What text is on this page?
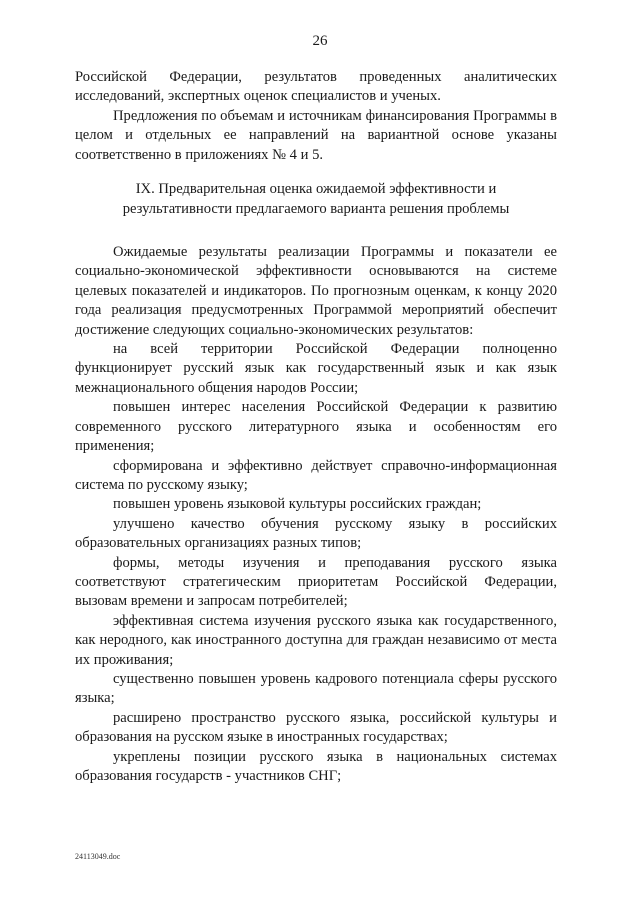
26

Российской Федерации, результатов проведенных аналитических исследований, экспертных оценок специалистов и ученых.

Предложения по объемам и источникам финансирования Программы в целом и отдельных ее направлений на вариантной основе указаны соответственно в приложениях № 4 и 5.

IX. Предварительная оценка ожидаемой эффективности и
результативности предлагаемого варианта решения проблемы

Ожидаемые результаты реализации Программы и показатели ее социально-экономической эффективности основываются на системе целевых показателей и индикаторов. По прогнозным оценкам, к концу 2020 года реализация предусмотренных Программой мероприятий обеспечит достижение следующих социально-экономических результатов:

на всей территории Российской Федерации полноценно функционирует русский язык как государственный язык и как язык межнационального общения народов России;

повышен интерес населения Российской Федерации к развитию современного русского литературного языка и особенностям его применения;

сформирована и эффективно действует справочно-информационная система по русскому языку;

повышен уровень языковой культуры российских граждан;

улучшено качество обучения русскому языку в российских образовательных организациях разных типов;

формы, методы изучения и преподавания русского языка соответствуют стратегическим приоритетам Российской Федерации, вызовам времени и запросам потребителей;

эффективная система изучения русского языка как государственного, как неродного, как иностранного доступна для граждан независимо от места их проживания;

существенно повышен уровень кадрового потенциала сферы русского языка;

расширено пространство русского языка, российской культуры и образования на русском языке в иностранных государствах;

укреплены позиции русского языка в национальных системах образования государств - участников СНГ;

24113049.doc
